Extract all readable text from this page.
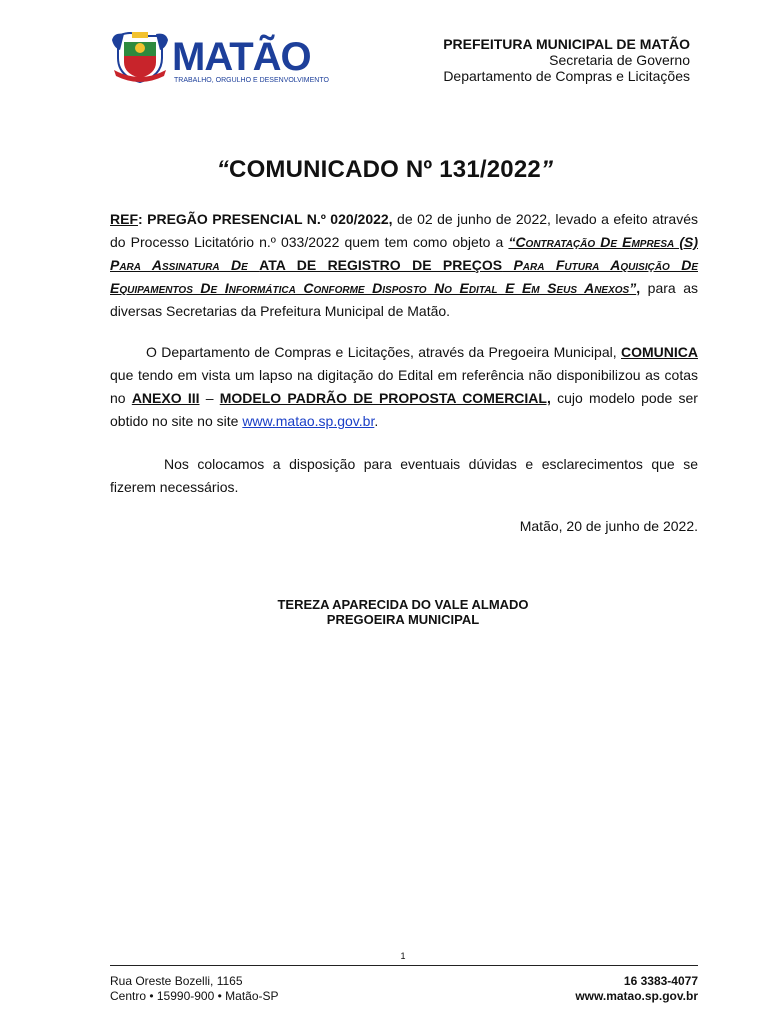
MATÃO
TRABALHO, ORGULHO E DESENVOLVIMENTO
PREFEITURA MUNICIPAL DE MATÃO
Secretaria de Governo
Departamento de Compras e Licitações
“COMUNICADO Nº 131/2022”
REF: PREGÃO PRESENCIAL N.º 020/2022, de 02 de junho de 2022, levado a efeito através do Processo Licitatório n.º 033/2022 quem tem como objeto a “Contratação De Empresa (S) Para Assinatura De ATA DE REGISTRO DE PREÇOS Para Futura Aquisição De Equipamentos De Informática Conforme Disposto No Edital E Em Seus Anexos”, para as diversas Secretarias da Prefeitura Municipal de Matão.
O Departamento de Compras e Licitações, através da Pregoeira Municipal, COMUNICA que tendo em vista um lapso na digitação do Edital em referência não disponibilizou as cotas no ANEXO III – MODELO PADRÃO DE PROPOSTA COMERCIAL, cujo modelo pode ser obtido no site no site www.matao.sp.gov.br.
Nos colocamos a disposição para eventuais dúvidas e esclarecimentos que se fizerem necessários.
Matão, 20 de junho de 2022.
TEREZA APARECIDA DO VALE ALMADO
PREGOEIRA MUNICIPAL
1
Rua Oreste Bozelli, 1165
Centro • 15990-900 • Matão-SP
16 3383-4077
www.matao.sp.gov.br
